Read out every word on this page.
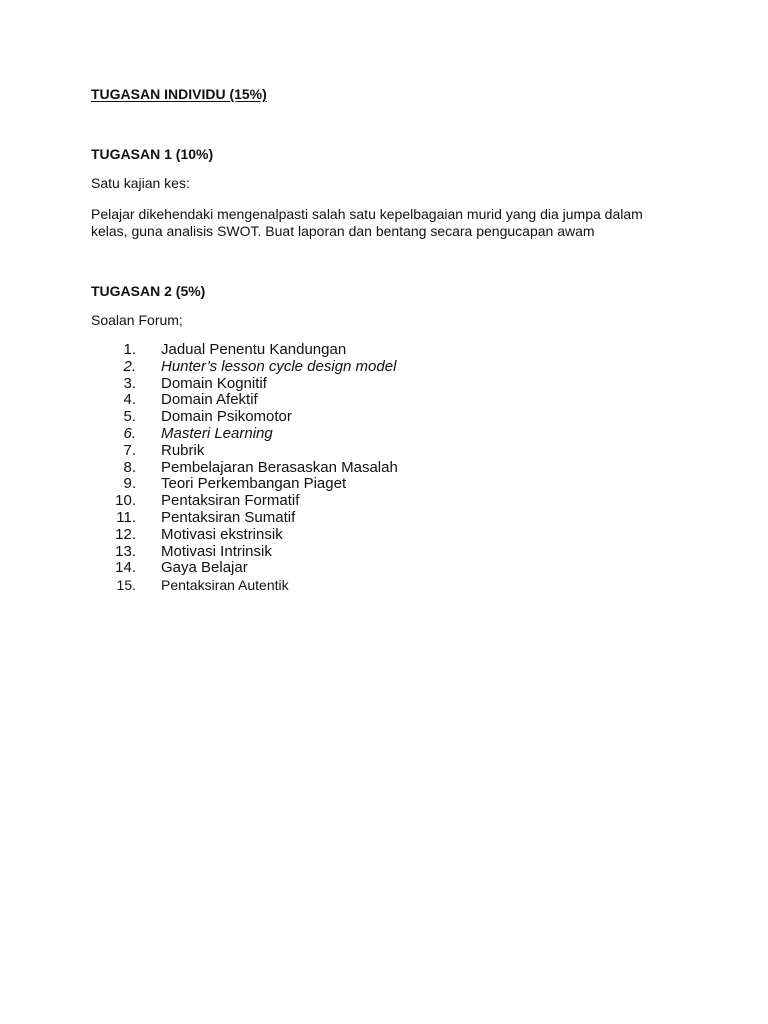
TUGASAN INDIVIDU (15%)
TUGASAN 1 (10%)

Satu kajian kes:

Pelajar dikehendaki mengenalpasti salah satu kepelbagaian murid yang dia jumpa dalam

kelas, guna analisis SWOT. Buat laporan dan bentang secara pengucapan awam

TUGASAN 2 (5%)

Soalan Forum;

1. Jadual Penentu Kandungan
2. Hunter’s lesson cycle design model
3. Domain Kognitif
4. Domain Afektif
5. Domain Psikomotor
6. Masteri Learning
7. Rubrik
8. Pembelajaran Berasaskan Masalah
9. Teori Perkembangan Piaget
10. Pentaksiran Formatif
11. Pentaksiran Sumatif
12. Motivasi ekstrinsik
13. Motivasi Intrinsik
14. Gaya Belajar
15. Pentaksiran Autentik
